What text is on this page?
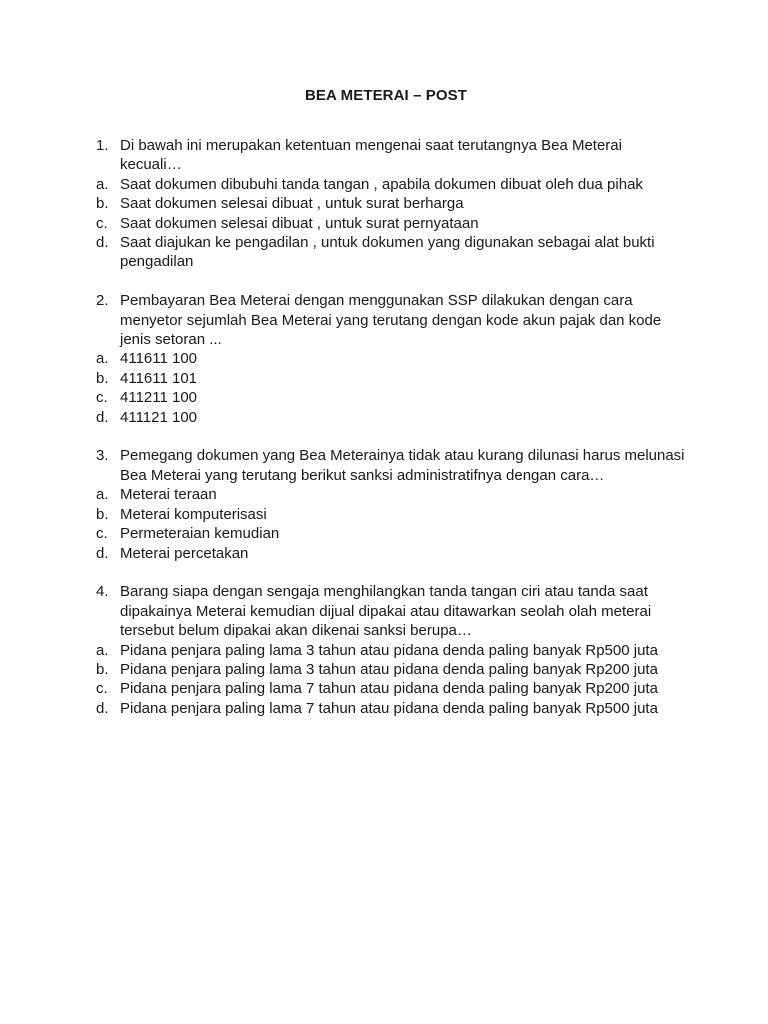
BEA METERAI – POST
1. Di bawah ini merupakan ketentuan mengenai saat terutangnya Bea Meterai kecuali…
a. Saat dokumen dibubuhi tanda tangan , apabila dokumen dibuat oleh dua pihak
b. Saat dokumen selesai dibuat , untuk surat berharga
c. Saat dokumen selesai dibuat , untuk surat pernyataan
d. Saat diajukan ke pengadilan , untuk dokumen yang digunakan sebagai alat bukti pengadilan
2. Pembayaran Bea Meterai dengan menggunakan SSP dilakukan dengan cara menyetor sejumlah Bea Meterai yang terutang dengan kode akun pajak dan kode jenis setoran ...
a. 411611 100
b. 411611 101
c. 411211 100
d. 411121 100
3. Pemegang dokumen yang Bea Meterainya tidak atau kurang dilunasi harus melunasi Bea Meterai yang terutang berikut sanksi administratifnya dengan cara…
a. Meterai teraan
b. Meterai komputerisasi
c. Permeteraian kemudian
d. Meterai percetakan
4. Barang siapa dengan sengaja menghilangkan tanda tangan ciri atau tanda saat dipakainya Meterai kemudian dijual dipakai atau ditawarkan seolah olah meterai tersebut belum dipakai akan dikenai sanksi berupa…
a. Pidana penjara paling lama 3 tahun atau pidana denda paling banyak Rp500 juta
b. Pidana penjara paling lama 3 tahun atau pidana denda paling banyak Rp200 juta
c. Pidana penjara paling lama 7 tahun atau pidana denda paling banyak Rp200 juta
d. Pidana penjara paling lama 7 tahun atau pidana denda paling banyak Rp500 juta
